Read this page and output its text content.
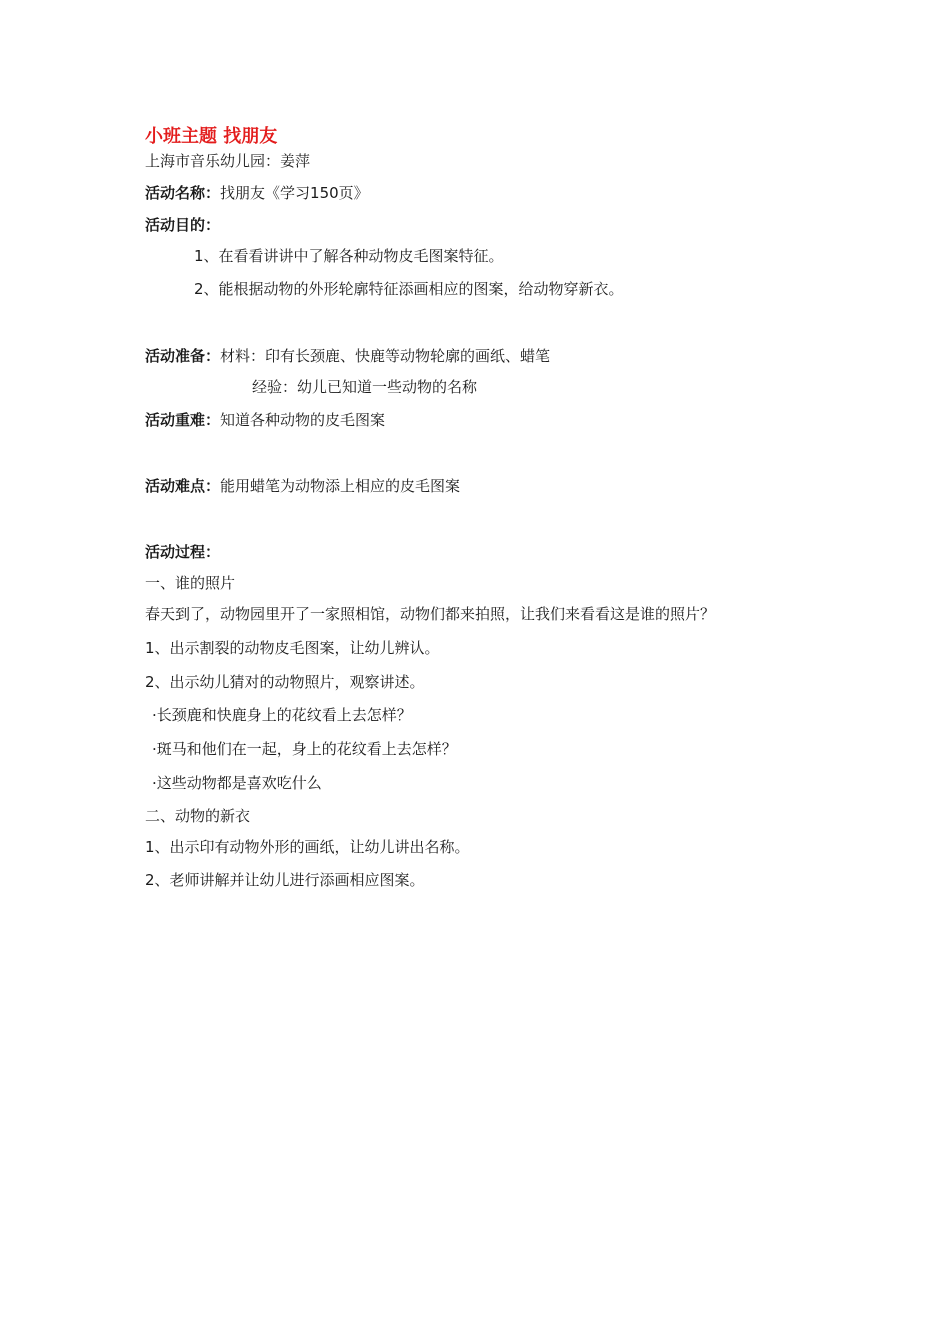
小班主题 找朋友
上海市音乐幼儿园：姜萍
活动名称：找朋友《学习150页》
活动目的：
1、在看看讲讲中了解各种动物皮毛图案特征。
2、能根据动物的外形轮廓特征添画相应的图案，给动物穿新衣。
活动准备：材料：印有长颈鹿、快鹿等动物轮廓的画纸、蜡笔
经验：幼儿已知道一些动物的名称
活动重难：知道各种动物的皮毛图案
活动难点：能用蜡笔为动物添上相应的皮毛图案
活动过程：
一、谁的照片
春天到了，动物园里开了一家照相馆，动物们都来拍照，让我们来看看这是谁的照片？
1、出示割裂的动物皮毛图案，让幼儿辨认。
2、出示幼儿猜对的动物照片，观察讲述。
·长颈鹿和快鹿身上的花纹看上去怎样？
·斑马和他们在一起，身上的花纹看上去怎样？
·这些动物都是喜欢吃什么
二、动物的新衣
1、出示印有动物外形的画纸，让幼儿讲出名称。
2、老师讲解并让幼儿进行添画相应图案。
